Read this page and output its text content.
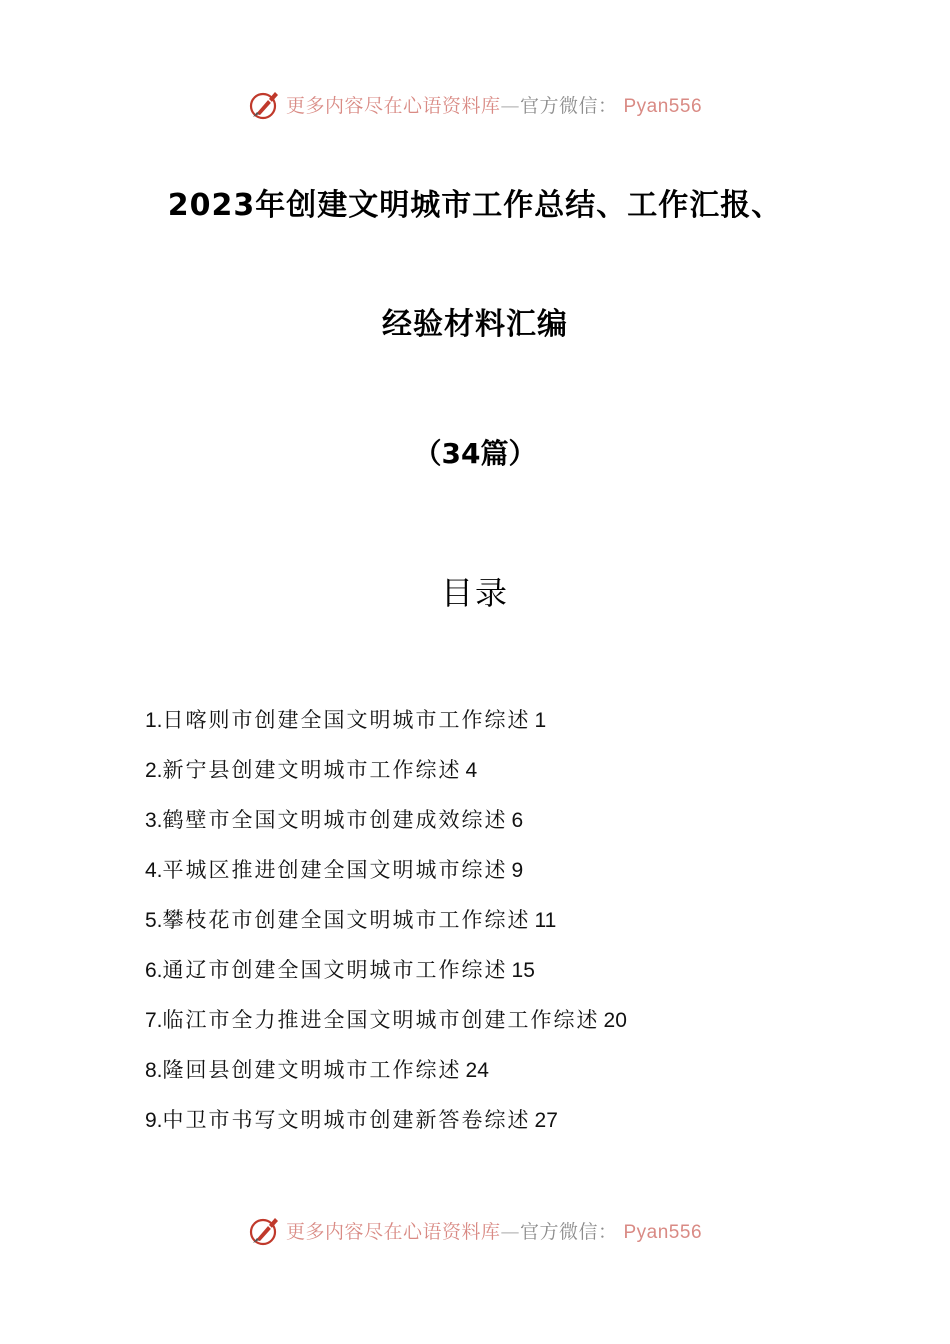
更多内容尽在心语资料库—官方微信： Pyan556
2023年创建文明城市工作总结、工作汇报、
经验材料汇编
（34篇）
目录
1.日喀则市创建全国文明城市工作综述 1
2.新宁县创建文明城市工作综述 4
3.鹤壁市全国文明城市创建成效综述 6
4.平城区推进创建全国文明城市综述 9
5.攀枝花市创建全国文明城市工作综述 11
6.通辽市创建全国文明城市工作综述 15
7.临江市全力推进全国文明城市创建工作综述 20
8.隆回县创建文明城市工作综述 24
9.中卫市书写文明城市创建新答卷综述 27
更多内容尽在心语资料库—官方微信： Pyan556
